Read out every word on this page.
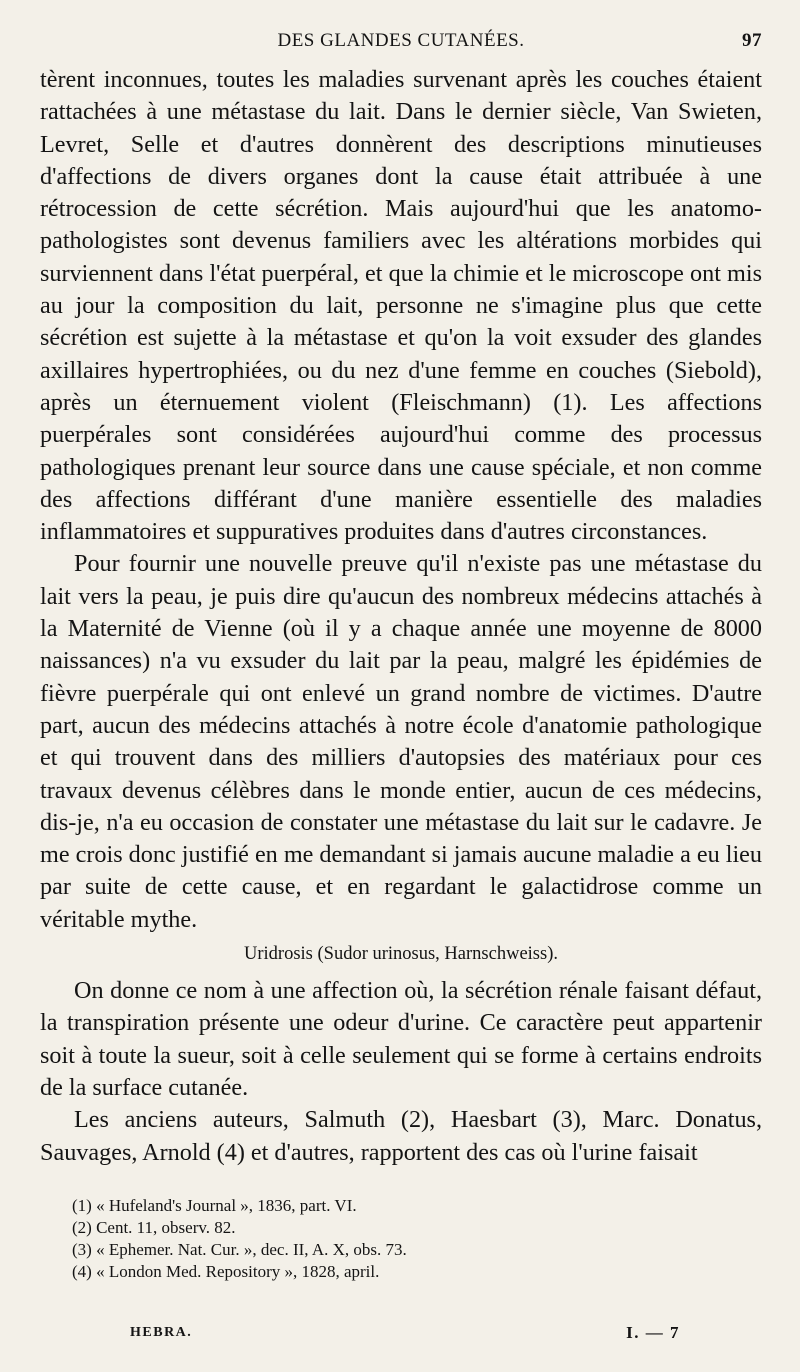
DES GLANDES CUTANÉES.	97

tèrent inconnues, toutes les maladies survenant après les couches étaient rattachées à une métastase du lait. Dans le dernier siècle, Van Swieten, Levret, Selle et d'autres donnèrent des descriptions minutieuses d'affections de divers organes dont la cause était attribuée à une rétrocession de cette sécrétion. Mais aujourd'hui que les anatomo-pathologistes sont devenus familiers avec les altérations morbides qui surviennent dans l'état puerpéral, et que la chimie et le microscope ont mis au jour la composition du lait, personne ne s'imagine plus que cette sécrétion est sujette à la métastase et qu'on la voit exsuder des glandes axillaires hypertrophiées, ou du nez d'une femme en couches (Siebold), après un éternuement violent (Fleischmann) (1). Les affections puerpérales sont considérées aujourd'hui comme des processus pathologiques prenant leur source dans une cause spéciale, et non comme des affections différant d'une manière essentielle des maladies inflammatoires et suppuratives produites dans d'autres circonstances.

Pour fournir une nouvelle preuve qu'il n'existe pas une métastase du lait vers la peau, je puis dire qu'aucun des nombreux médecins attachés à la Maternité de Vienne (où il y a chaque année une moyenne de 8000 naissances) n'a vu exsuder du lait par la peau, malgré les épidémies de fièvre puerpérale qui ont enlevé un grand nombre de victimes. D'autre part, aucun des médecins attachés à notre école d'anatomie pathologique et qui trouvent dans des milliers d'autopsies des matériaux pour ces travaux devenus célèbres dans le monde entier, aucun de ces médecins, dis-je, n'a eu occasion de constater une métastase du lait sur le cadavre. Je me crois donc justifié en me demandant si jamais aucune maladie a eu lieu par suite de cette cause, et en regardant le galactidrose comme un véritable mythe.

Uridrosis (Sudor urinosus, Harnschweiss).

On donne ce nom à une affection où, la sécrétion rénale faisant défaut, la transpiration présente une odeur d'urine. Ce caractère peut appartenir soit à toute la sueur, soit à celle seulement qui se forme à certains endroits de la surface cutanée.

Les anciens auteurs, Salmuth (2), Haesbart (3), Marc. Donatus, Sauvages, Arnold (4) et d'autres, rapportent des cas où l'urine faisait

(1) « Hufeland's Journal », 1836, part. VI.

(2) Cent. 11, observ. 82.

(3) « Ephemer. Nat. Cur. », dec. II, A. X, obs. 73.

(4) « London Med. Repository », 1828, april.

HEBRA.	I. — 7
